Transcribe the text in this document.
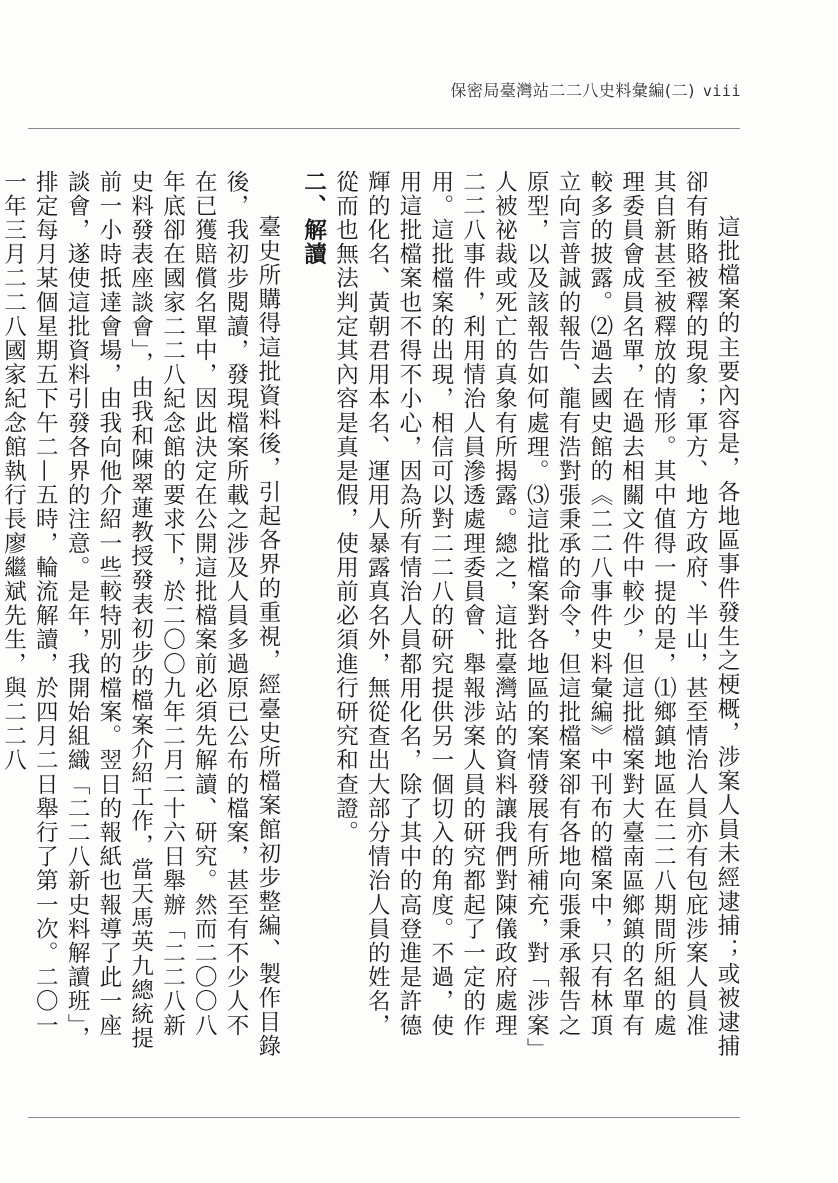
保密局臺灣站二二八史料彙編(二) viii

這批檔案的主要內容是，各地區事件發生之梗概，涉案人員未經逮捕；或被逮捕卻有賄賂被釋的現象；軍方、地方政府、半山，甚至情治人員亦有包庇涉案人員准其自新甚至被釋放的情形。其中值得一提的是，⑴鄉鎮地區在二二八期間所組的處理委員會成員名單，在過去相關文件中較少，但這批檔案對大臺南區鄉鎮的名單有較多的披露。⑵過去國史館的《二二八事件史料彙編》中刊布的檔案中，只有林頂立向言普誠的報告、龍有浩對張秉承的命令，但這批檔案卻有各地向張秉承報告之原型，以及該報告如何處理。⑶這批檔案對各地區的案情發展有所補充，對「涉案」人被祕裁或死亡的真象有所揭露。總之，這批臺灣站的資料讓我們對陳儀政府處理二二八事件，利用情治人員滲透處理委員會、舉報涉案人員的研究都起了一定的作用。這批檔案的出現，相信可以對二二八的研究提供另一個切入的角度。不過，使用這批檔案也不得不小心，因為所有情治人員都用化名，除了其中的高登進是許德輝的化名、黃朝君用本名、運用人暴露真名外，無從查出大部分情治人員的姓名，從而也無法判定其內容是真是假，使用前必須進行研究和查證。

二、解讀

臺史所購得這批資料後，引起各界的重視，經臺史所檔案館初步整編、製作目錄後，我初步閱讀，發現檔案所載之涉及人員多過原已公布的檔案，甚至有不少人不在已獲賠償名單中，因此決定在公開這批檔案前必須先解讀、研究。然而二〇〇八年底卻在國家二二八紀念館的要求下，於二〇〇九年二月二十六日舉辦「二二八新史料發表座談會」，由我和陳翠蓮教授發表初步的檔案介紹工作，當天馬英九總統提前一小時抵達會場，由我向他介紹一些較特別的檔案。翌日的報紙也報導了此一座談會，遂使這批資料引發各界的注意。是年，我開始組織「二二八新史料解讀班」，排定每月某個星期五下午二—五時，輪流解讀，於四月二日舉行了第一次。二〇一一年三月二二八國家紀念館執行長廖繼斌先生，與二二八
